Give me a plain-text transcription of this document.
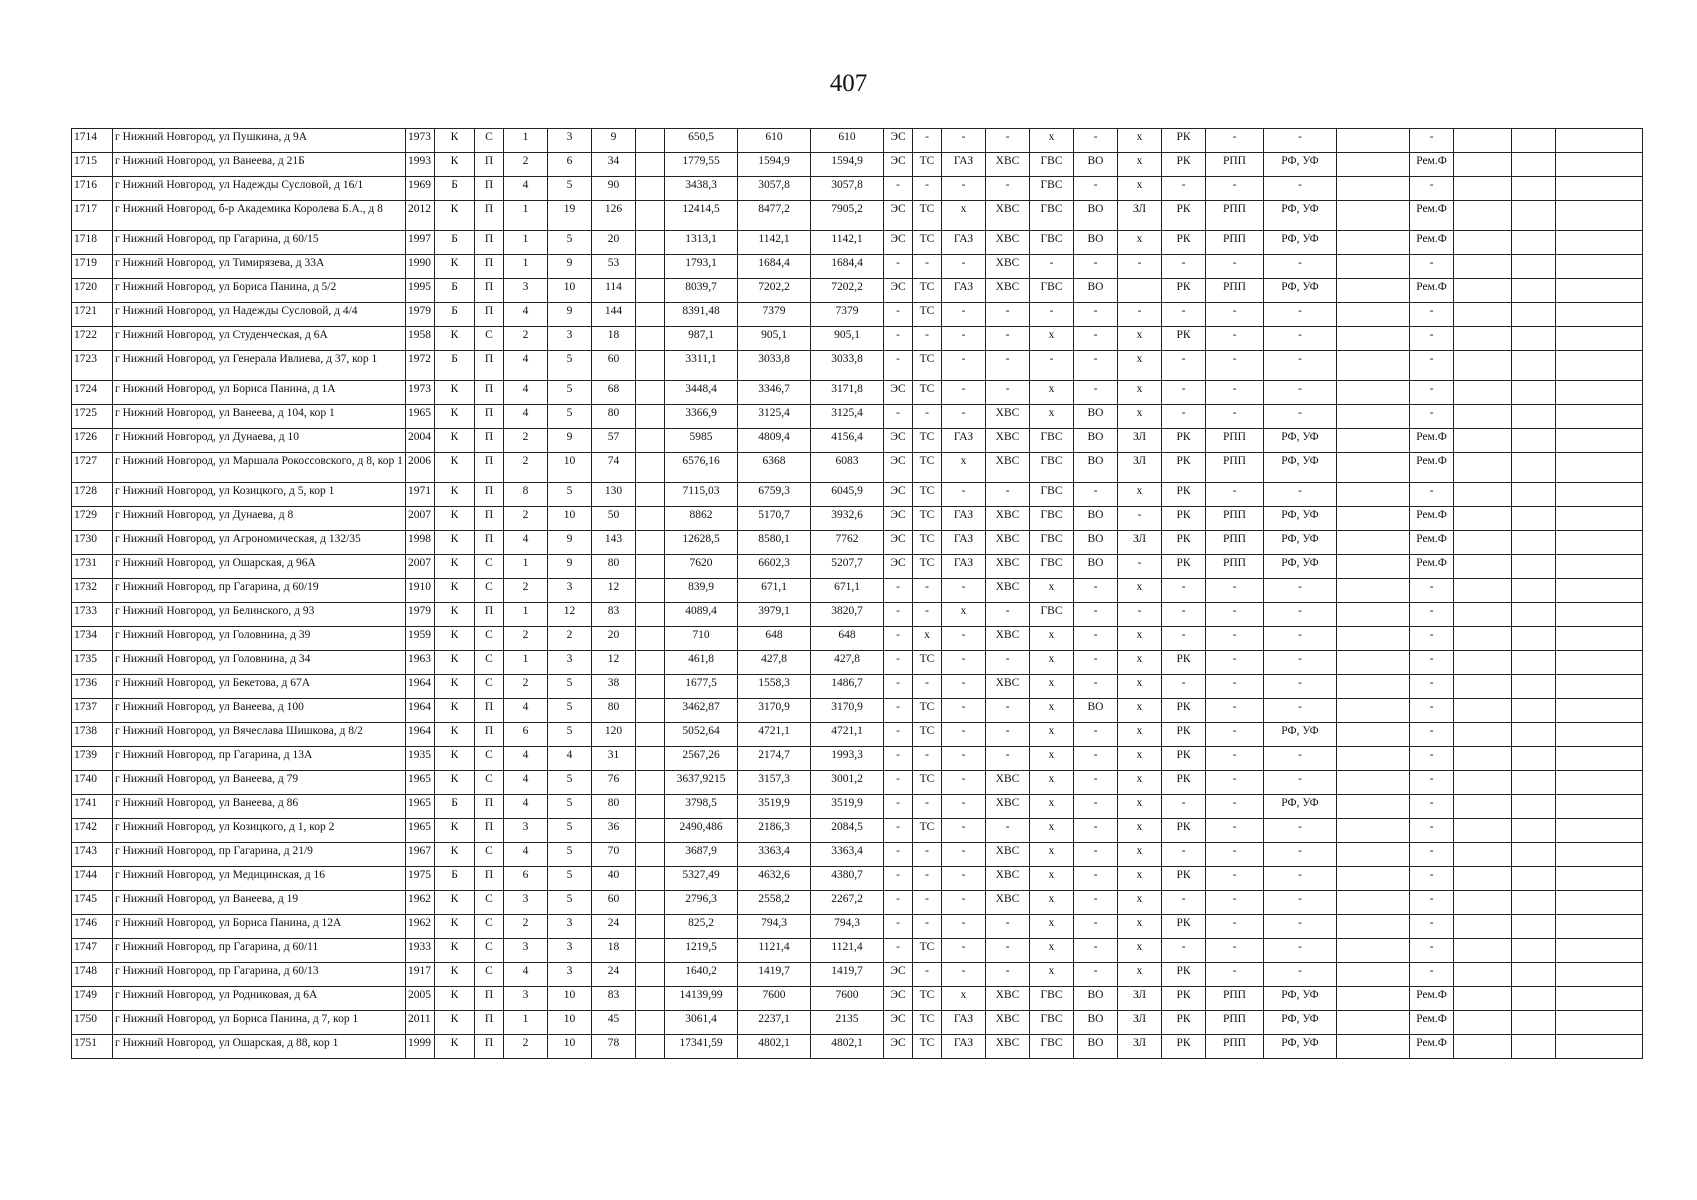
407
1714	г Нижний Новгород, ул Пушкина, д 9А	1973	К	С	1	3	9		650,5	610	610	ЭС	-	-	-	х	-	х	РК	-	-		-			
1715	г Нижний Новгород, ул Ванеева, д 21Б	1993	К	П	2	6	34		1779,55	1594,9	1594,9	ЭС	ТС	ГАЗ	ХВС	ГВС	ВО	х	РК	РПП	РФ, УФ		Рем.Ф			
1716	г Нижний Новгород, ул Надежды Сусловой, д 16/1	1969	Б	П	4	5	90		3438,3	3057,8	3057,8	-	-	-	-	ГВС	-	х	-	-	-		-			
1717	г Нижний Новгород, б-р Академика Королева Б.А., д 8	2012	К	П	1	19	126		12414,5	8477,2	7905,2	ЭС	ТС	х	ХВС	ГВС	ВО	ЗЛ	РК	РПП	РФ, УФ		Рем.Ф			
1718	г Нижний Новгород, пр Гагарина, д 60/15	1997	Б	П	1	5	20		1313,1	1142,1	1142,1	ЭС	ТС	ГАЗ	ХВС	ГВС	ВО	х	РК	РПП	РФ, УФ		Рем.Ф			
1719	г Нижний Новгород, ул Тимирязева, д 33А	1990	К	П	1	9	53		1793,1	1684,4	1684,4	-	-	-	ХВС	-	-	-	-	-	-		-			
1720	г Нижний Новгород, ул Бориса Панина, д 5/2	1995	Б	П	3	10	114		8039,7	7202,2	7202,2	ЭС	ТС	ГАЗ	ХВС	ГВС	ВО		РК	РПП	РФ, УФ		Рем.Ф			
1721	г Нижний Новгород, ул Надежды Сусловой, д 4/4	1979	Б	П	4	9	144		8391,48	7379	7379	-	ТС	-	-	-	-	-	-	-	-		-			
1722	г Нижний Новгород, ул Студенческая, д 6А	1958	К	С	2	3	18		987,1	905,1	905,1	-	-	-	-	х	-	х	РК	-	-		-			
1723	г Нижний Новгород, ул Генерала Ивлиева, д 37, кор 1	1972	Б	П	4	5	60		3311,1	3033,8	3033,8	-	ТС	-	-	-	-	х	-	-	-		-			
1724	г Нижний Новгород, ул Бориса Панина, д 1А	1973	К	П	4	5	68		3448,4	3346,7	3171,8	ЭС	ТС	-	-	х	-	х	-	-	-		-			
1725	г Нижний Новгород, ул Ванеева, д 104, кор 1	1965	К	П	4	5	80		3366,9	3125,4	3125,4	-	-	-	ХВС	х	ВО	х	-	-	-		-			
1726	г Нижний Новгород, ул Дунаева, д 10	2004	К	П	2	9	57		5985	4809,4	4156,4	ЭС	ТС	ГАЗ	ХВС	ГВС	ВО	ЗЛ	РК	РПП	РФ, УФ		Рем.Ф			
1727	г Нижний Новгород, ул Маршала Рокоссовского, д 8, кор 1	2006	К	П	2	10	74		6576,16	6368	6083	ЭС	ТС	х	ХВС	ГВС	ВО	ЗЛ	РК	РПП	РФ, УФ		Рем.Ф			
1728	г Нижний Новгород, ул Козицкого, д 5, кор 1	1971	К	П	8	5	130		7115,03	6759,3	6045,9	ЭС	ТС	-	-	ГВС	-	х	РК	-	-		-			
1729	г Нижний Новгород, ул Дунаева, д 8	2007	К	П	2	10	50		8862	5170,7	3932,6	ЭС	ТС	ГАЗ	ХВС	ГВС	ВО	-	РК	РПП	РФ, УФ		Рем.Ф			
1730	г Нижний Новгород, ул Агрономическая, д 132/35	1998	К	П	4	9	143		12628,5	8580,1	7762	ЭС	ТС	ГАЗ	ХВС	ГВС	ВО	ЗЛ	РК	РПП	РФ, УФ		Рем.Ф			
1731	г Нижний Новгород, ул Ошарская, д 96А	2007	К	С	1	9	80		7620	6602,3	5207,7	ЭС	ТС	ГАЗ	ХВС	ГВС	ВО	-	РК	РПП	РФ, УФ		Рем.Ф			
1732	г Нижний Новгород, пр Гагарина, д 60/19	1910	К	С	2	3	12		839,9	671,1	671,1	-	-	-	ХВС	х	-	х	-	-	-		-			
1733	г Нижний Новгород, ул Белинского, д 93	1979	К	П	1	12	83		4089,4	3979,1	3820,7	-	-	х	-	ГВС	-	-	-	-	-		-			
1734	г Нижний Новгород, ул Головнина, д 39	1959	К	С	2	2	20		710	648	648	-	х	-	ХВС	х	-	х	-	-	-		-			
1735	г Нижний Новгород, ул Головнина, д 34	1963	К	С	1	3	12		461,8	427,8	427,8	-	ТС	-	-	х	-	х	РК	-	-		-			
1736	г Нижний Новгород, ул Бекетова, д 67А	1964	К	С	2	5	38		1677,5	1558,3	1486,7	-	-	-	ХВС	х	-	х	-	-	-		-			
1737	г Нижний Новгород, ул Ванеева, д 100	1964	К	П	4	5	80		3462,87	3170,9	3170,9	-	ТС	-	-	х	ВО	х	РК	-	-		-			
1738	г Нижний Новгород, ул Вячеслава Шишкова, д 8/2	1964	К	П	6	5	120		5052,64	4721,1	4721,1	-	ТС	-	-	х	-	х	РК	-	РФ, УФ		-			
1739	г Нижний Новгород, пр Гагарина, д 13А	1935	К	С	4	4	31		2567,26	2174,7	1993,3	-	-	-	-	х	-	х	РК	-	-		-			
1740	г Нижний Новгород, ул Ванеева, д 79	1965	К	С	4	5	76		3637,9215	3157,3	3001,2	-	ТС	-	ХВС	х	-	х	РК	-	-		-			
1741	г Нижний Новгород, ул Ванеева, д 86	1965	Б	П	4	5	80		3798,5	3519,9	3519,9	-	-	-	ХВС	х	-	х	-	-	РФ, УФ		-			
1742	г Нижний Новгород, ул Козицкого, д 1, кор 2	1965	К	П	3	5	36		2490,486	2186,3	2084,5	-	ТС	-	-	х	-	х	РК	-	-		-			
1743	г Нижний Новгород, пр Гагарина, д 21/9	1967	К	С	4	5	70		3687,9	3363,4	3363,4	-	-	-	ХВС	х	-	х	-	-	-		-			
1744	г Нижний Новгород, ул Медицинская, д 16	1975	Б	П	6	5	40		5327,49	4632,6	4380,7	-	-	-	ХВС	х	-	х	РК	-	-		-			
1745	г Нижний Новгород, ул Ванеева, д 19	1962	К	С	3	5	60		2796,3	2558,2	2267,2	-	-	-	ХВС	х	-	х	-	-	-		-			
1746	г Нижний Новгород, ул Бориса Панина, д 12А	1962	К	С	2	3	24		825,2	794,3	794,3	-	-	-	-	х	-	х	РК	-	-		-			
1747	г Нижний Новгород, пр Гагарина, д 60/11	1933	К	С	3	3	18		1219,5	1121,4	1121,4	-	ТС	-	-	х	-	х	-	-	-		-			
1748	г Нижний Новгород, пр Гагарина, д 60/13	1917	К	С	4	3	24		1640,2	1419,7	1419,7	ЭС	-	-	-	х	-	х	РК	-	-		-			
1749	г Нижний Новгород, ул Родниковая, д 6А	2005	К	П	3	10	83		14139,99	7600	7600	ЭС	ТС	х	ХВС	ГВС	ВО	ЗЛ	РК	РПП	РФ, УФ		Рем.Ф			
1750	г Нижний Новгород, ул Бориса Панина, д 7, кор 1	2011	К	П	1	10	45		3061,4	2237,1	2135	ЭС	ТС	ГАЗ	ХВС	ГВС	ВО	ЗЛ	РК	РПП	РФ, УФ		Рем.Ф			
1751	г Нижний Новгород, ул Ошарская, д 88, кор 1	1999	К	П	2	10	78		17341,59	4802,1	4802,1	ЭС	ТС	ГАЗ	ХВС	ГВС	ВО	ЗЛ	РК	РПП	РФ, УФ		Рем.Ф			
